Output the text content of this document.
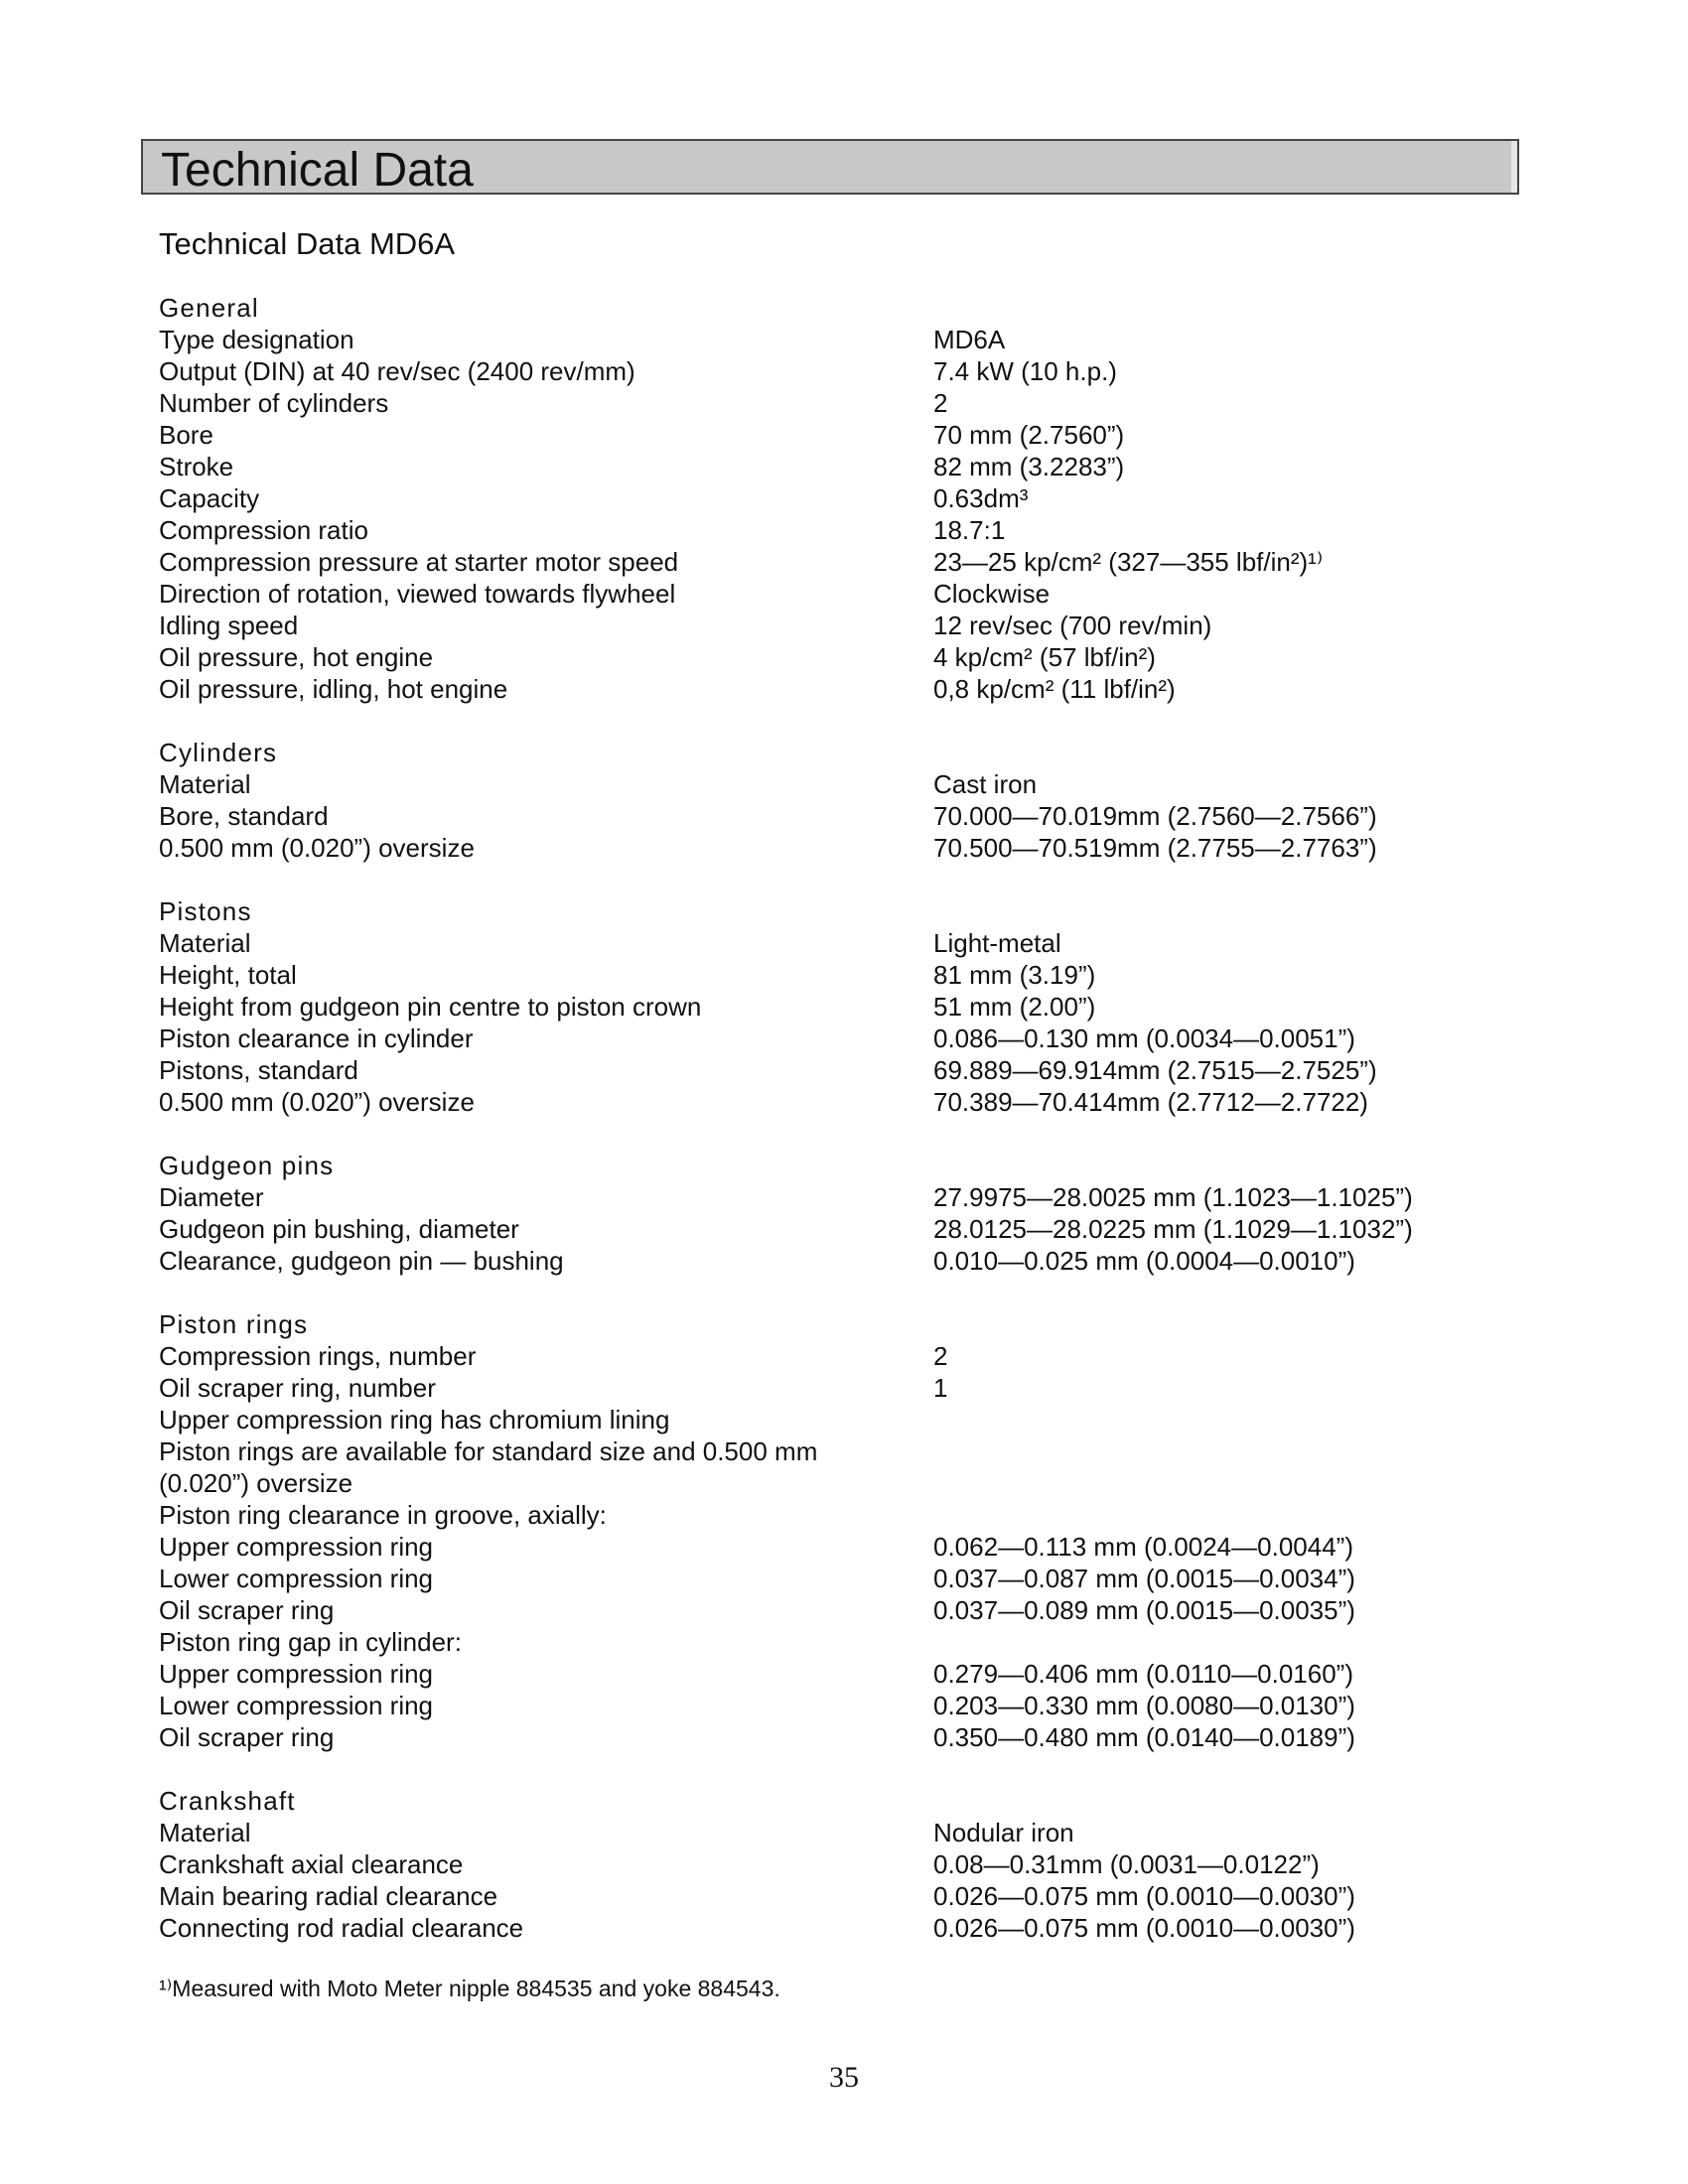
Technical Data
Technical Data MD6A
General
Type designation	MD6A
Output (DIN) at 40 rev/sec (2400 rev/mm)	7.4 kW (10 h.p.)
Number of cylinders	2
Bore	70 mm (2.7560”)
Stroke	82 mm (3.2283”)
Capacity	0.63dm³
Compression ratio	18.7:1
Compression pressure at starter motor speed	23—25 kp/cm² (327—355 lbf/in²)¹⁾
Direction of rotation, viewed towards flywheel	Clockwise
Idling speed	12 rev/sec (700 rev/min)
Oil pressure, hot engine	4 kp/cm² (57 lbf/in²)
Oil pressure, idling, hot engine	0,8 kp/cm² (11 lbf/in²)
Cylinders
Material	Cast iron
Bore, standard	70.000—70.019mm (2.7560—2.7566”)
0.500 mm (0.020”) oversize	70.500—70.519mm (2.7755—2.7763”)
Pistons
Material	Light-metal
Height, total	81 mm (3.19”)
Height from gudgeon pin centre to piston crown	51 mm (2.00”)
Piston clearance in cylinder	0.086—0.130 mm (0.0034—0.0051”)
Pistons, standard	69.889—69.914mm (2.7515—2.7525”)
0.500 mm (0.020”) oversize	70.389—70.414mm (2.7712—2.7722)
Gudgeon pins
Diameter	27.9975—28.0025 mm (1.1023—1.1025”)
Gudgeon pin bushing, diameter	28.0125—28.0225 mm (1.1029—1.1032”)
Clearance, gudgeon pin — bushing	0.010—0.025 mm (0.0004—0.0010”)
Piston rings
Compression rings, number	2
Oil scraper ring, number	1
Upper compression ring has chromium lining
Piston rings are available for standard size and 0.500 mm
(0.020”) oversize
Piston ring clearance in groove, axially:
Upper compression ring	0.062—0.113 mm (0.0024—0.0044”)
Lower compression ring	0.037—0.087 mm (0.0015—0.0034”)
Oil scraper ring	0.037—0.089 mm (0.0015—0.0035”)
Piston ring gap in cylinder:
Upper compression ring	0.279—0.406 mm (0.0110—0.0160”)
Lower compression ring	0.203—0.330 mm (0.0080—0.0130”)
Oil scraper ring	0.350—0.480 mm (0.0140—0.0189”)
Crankshaft
Material	Nodular iron
Crankshaft axial clearance	0.08—0.31mm (0.0031—0.0122”)
Main bearing radial clearance	0.026—0.075 mm (0.0010—0.0030”)
Connecting rod radial clearance	0.026—0.075 mm (0.0010—0.0030”)
¹⁾Measured with Moto Meter nipple 884535 and yoke 884543.
35
